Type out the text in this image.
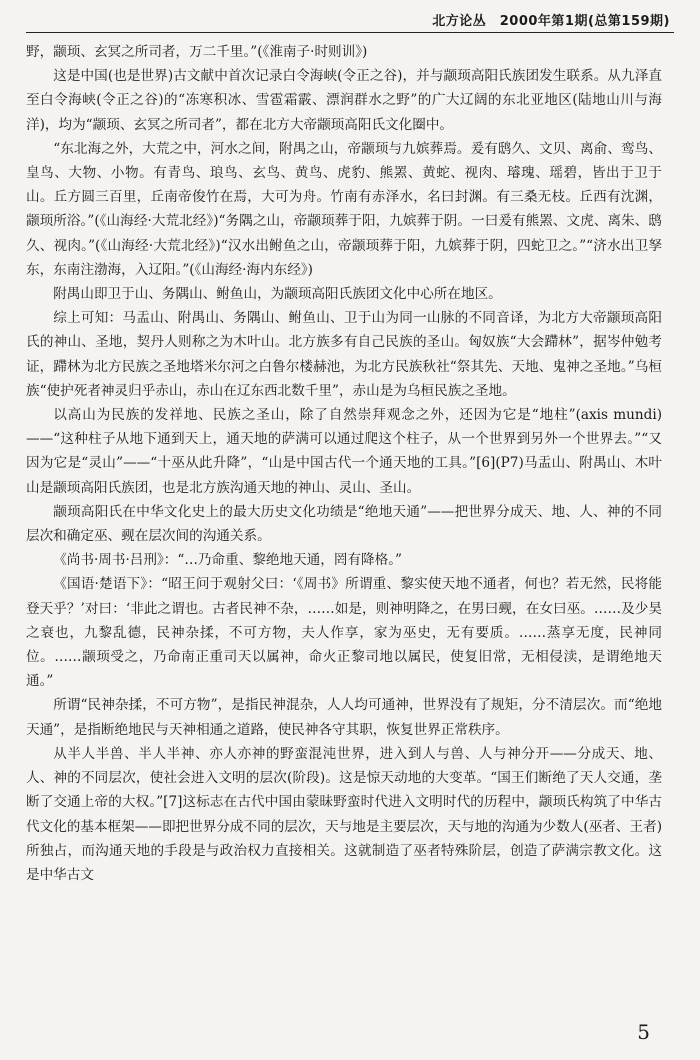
北方论丛　2000年第1期(总第159期)

野，颛顼、玄冥之所司者，万二千里。”(《淮南子·时则训》)

这是中国(也是世界)古文献中首次记录白令海峡(令正之谷)，并与颛顼高阳氏族团发生联系。从九泽直至白令海峡(令正之谷)的“冻寒积冰、雪雹霜霰、漂润群水之野”的广大辽阔的东北亚地区(陆地山川与海洋)，均为“颛顼、玄冥之所司者”，都在北方大帝颛顼高阳氏文化圈中。

“东北海之外，大荒之中，河水之间，附禺之山，帝颛顼与九嫔葬焉。爰有鸱久、文贝、离俞、鸾鸟、皇鸟、大物、小物。有青鸟、琅鸟、玄鸟、黄鸟、虎豹、熊罴、黄蛇、视肉、璿瑰、瑶碧，皆出于卫于山。丘方圆三百里，丘南帝俊竹在焉，大可为舟。竹南有赤泽水，名曰封渊。有三桑无枝。丘西有沈渊，颛顼所浴。”(《山海经·大荒北经》)“务隅之山，帝颛顼葬于阳，九嫔葬于阴。一曰爰有熊罴、文虎、离朱、鸱久、视肉。”(《山海经·大荒北经》)“汉水出鲋鱼之山，帝颛顼葬于阳，九嫔葬于阴，四蛇卫之。”“济水出卫孥东，东南注渤海，入辽阳。”(《山海经·海内东经》)

附禺山即卫于山、务隅山、鲋鱼山，为颛顼高阳氏族团文化中心所在地区。

综上可知：马盂山、附禺山、务隅山、鲋鱼山、卫于山为同一山脉的不同音译，为北方大帝颛顼高阳氏的神山、圣地，契丹人则称之为木叶山。北方族多有自己民族的圣山。匈奴族“大会蹛林”，据岑仲勉考证，蹛林为北方民族之圣地塔米尔河之白鲁尔楼赫池，为北方民族秋社“祭其先、天地、鬼神之圣地。”乌桓族“使护死者神灵归乎赤山，赤山在辽东西北数千里”，赤山是为乌桓民族之圣地。

以高山为民族的发祥地、民族之圣山，除了自然崇拜观念之外，还因为它是“地柱”(axis mundi)——“这种柱子从地下通到天上，通天地的萨满可以通过爬这个柱子，从一个世界到另外一个世界去。”“又因为它是“灵山”——“十巫从此升降”，“山是中国古代一个通天地的工具。”[6](P7)马盂山、附禺山、木叶山是颛顼高阳氏族团，也是北方族沟通天地的神山、灵山、圣山。

颛顼高阳氏在中华文化史上的最大历史文化功绩是“绝地天通”——把世界分成天、地、人、神的不同层次和确定巫、觋在层次间的沟通关系。

《尚书·周书·吕刑》：“…乃命重、黎绝地天通，罔有降格。”

《国语·楚语下》：“昭王问于观射父曰：‘《周书》所谓重、黎实使天地不通者，何也？若无然，民将能登天乎？’对曰：‘非此之谓也。古者民神不杂，……如是，则神明降之，在男曰觋，在女曰巫。……及少昊之衰也，九黎乱德，民神杂揉，不可方物，夫人作享，家为巫史，无有要质。……蒸享无度，民神同位。……颛顼受之，乃命南正重司天以属神，命火正黎司地以属民，使复旧常，无相侵渎，是谓绝地天通。”

所谓“民神杂揉，不可方物”，是指民神混杂，人人均可通神，世界没有了规矩，分不清层次。而“绝地天通”，是指断绝地民与天神相通之道路，使民神各守其职，恢复世界正常秩序。

从半人半兽、半人半神、亦人亦神的野蛮混沌世界，进入到人与兽、人与神分开——分成天、地、人、神的不同层次，使社会进入文明的层次(阶段)。这是惊天动地的大变革。“国王们断绝了天人交通，垄断了交通上帝的大权。”[7]这标志在古代中国由蒙昧野蛮时代进入文明时代的历程中，颛顼氏构筑了中华古代文化的基本框架——即把世界分成不同的层次，天与地是主要层次，天与地的沟通为少数人(巫者、王者)所独占，而沟通天地的手段是与政治权力直接相关。这就制造了巫者特殊阶层，创造了萨满宗教文化。这是中华古文

5
